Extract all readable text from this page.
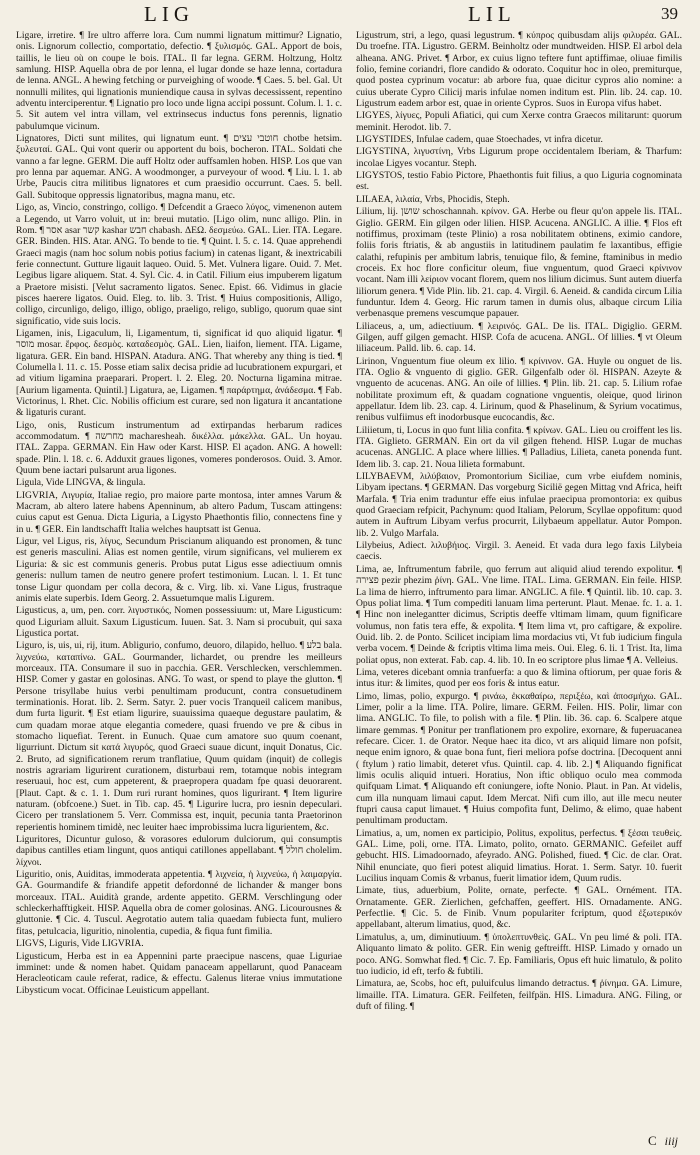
LIG	LIL	39

Ligare, irretire. ¶ Ire ultro afferre lora. Cum nummi lignatum mittimur? Lignatio, onis. Lignorum collectio, comportatio, defectio. ¶ ξυλισμός. GAL. Apport de bois, taillis, le lieu où on coupe le bois. ITAL. Il far legna. GERM. Holtzung, Holtz samlung. HISP. Aquella obra de por lenna, el lugar donde se haze lenna, cortadura de lenna. ANGL. A hewing fetching or purveighing of woode. ¶ Caes. 5. bel. Gal. Ut nonnulli milites, qui lignationis muniendique causa in sylvas decessissent, repentino adventu interciperentur. ¶ Lignatio pro loco unde ligna accipi possunt. Colum. l. 1. c. 5. Sit autem vel intra villam, vel extrinsecus inductus fons perennis, lignatio pabulumque vicinum.

Lignatores, Dicti sunt milites, qui lignatum eunt. ¶ חוטבי עצים chotbe hetsim. ξυλευταί. GAL. Qui vont querir ou apportent du bois, bocheron. ITAL. Soldati che vanno a far legne. GERM. Die auff Holtz oder auffsamlen hoben. HISP. Los que van pro lenna par aquemar. ANG. A woodmonger, a purveyour of wood. ¶ Liu. l. 1. ab Urbe, Paucis citra militibus lignatores et cum praesidio occurrunt. Caes. 5. bell. Gall. Subitoque oppressis lignatoribus, magna manu, etc.

Ligo, as, Vincio, constringo, colligo. ¶ Defcendit a Graeco λύγος, vimenenon autem a Legendo, ut Varro voluit, ut in: breui mutatio. [Ligo olim, nunc alligo. Plin. in Rom. ¶ אסר asar קשר kashar חבש chabash. ΔΕΩ. δεσμεύω. GAL. Lier. ITA. Legare. GER. Binden. HIS. Atar. ANG. To bende to tie. ¶ Quint. l. 5. c. 14. Quae apprehendi Graeci magis (nam hoc solum nobis potius facium) in catenas ligant, & inextricabili ferie connectunt. Gutture ligauit laqueo. Ouid. 5. Met. Vulnera ligare. Ouid. 7. Met. Legibus ligare aliquem. Stat. 4. Syl. Cic. 4. in Catil. Filium eius impuberem ligatum a Praetore misisti. [Velut sacramento ligatos. Senec. Epist. 66. Vidimus in glacie pisces haerere ligatos. Ouid. Eleg. to. lib. 3. Trist. ¶ Huius compositionis, Alligo, colligo, circunligo, deligo, illigo, obligo, praeligo, religo, subligo, quorum quae sint significatio, vide suis locis.

Ligamen, inis, Ligaculum, li, Ligamentum, ti, significat id quo aliquid ligatur. ¶ מוסר mosar. ἔρφος. δεσμὸς. καταδεσμὸς. GAL. Lien, liaifon, liement. ITA. Ligame, ligatura. GER. Ein band. HISPAN. Atadura. ANG. That whereby any thing is tied. ¶ Columella l. 11. c. 15. Posse etiam salix decisa pridie ad lucubrationem expurgari, et ad vitium ligamina praeparari. Propert. l. 2. Eleg. 20. Nocturna ligamina mitrae. [Aurium ligamenta. Quintil.] Ligatura, ae, Ligamen. ¶ παράρτημα, ἀνάδεσμα. ¶ Fab. Victorinus, l. Rhet. Cic. Nobilis officium est curare, sed non ligatura it ancantatione & ligaturis curant.

Ligo, onis, Rusticum instrumentum ad extirpandas herbarum radices accommodatum. ¶ מחרשה macharesheah. δικέλλα. μάκελλα. GAL. Un hoyau. ITAL. Zappa. GERMAN. Ein Haw oder Karst. HISP. El açadon. ANG. A howell: spade. Plin. l. 18. c. 6. Adduxit graues ligones, vomeres ponderosos. Ouid. 3. Amor. Quum bene iactari pulsarunt arua ligones.

Ligula, Vide LINGVA, & lingula.

LIGVRIA, Λιγυρία, Italiae regio, pro maiore parte montosa, inter amnes Varum & Macram, ab altero latere habens Apenninum, ab altero Padum, Tuscam attingens: cuius caput est Genua. Dicta Liguria, a Ligysto Phaethontis filio, connectens fine y in u. ¶ GER. Ein landtschafft Italia welches hauptsatt ist Genua.

Ligur, vel Ligus, ris, λίγυς, Secundum Priscianum aliquando est pronomen, & tunc est generis masculini. Alias est nomen gentile, virum significans, vel mulierem ex Liguria: & sic est communis generis. Probus putat Ligus esse adiectiuum omnis generis: nullum tamen de neutro genere profert testimonium. Lucan. l. 1. Et tunc tonse Ligur quondam per colla decora, & c. Virg. lib. xi. Vane Ligus, frustraque animis elate superbis. Idem Georg. 2. Assuetumque malis Ligurem.

Ligusticus, a, um, pen. corr. λιγυστικός, Nomen possessiuum: ut, Mare Ligusticum: quod Liguriam alluit. Saxum Ligusticum. Iuuen. Sat. 3. Nam si procubuit, qui saxa Ligustica portat.

Liguro, is, uis, ui, rij, itum. Abligurio, confumo, deuoro, dilapido, helluo. ¶ בלע bala. λιχνεύω, καταπίνω. GAL. Gourmander, lichardet, ou prendre les meilleurs morceaux. ITA. Consumare il suo in pacchia. GER. Verschlecken, verschlemmen. HISP. Comer y gastar en golosinas. ANG. To wast, or spend to playe the glutton. ¶ Persone trisyllabe huius verbi penultimam producunt, contra consuetudinem terminationis. Horat. lib. 2. Serm. Satyr. 2. puer vocis Tranqueil calicem manibus, dum furta ligurit. ¶ Est etiam ligurire, suauissima quaeque degustare paulatim, & cum quadam morae atque elegantia comedere, quasi fruendo ve pre & cibus in stomacho liquefiat. Terent. in Eunuch. Quae cum amatore suo quum coenant, ligurriunt. Dictum sit κατά λιγυρός, quod Graeci suaue dicunt, inquit Donatus, Cic. 2. Bruto, ad significationem rerum tranflatiue, Quum quidam (inquit) de collegis nostris agrariam ligurirent curationem, disturbaui rem, totamque nobis integram reseruaui, hoc est, cum appeterent, & praepropera quadam fpe quasi deuorarent. [Plaut. Capt. & c. 1. 1. Dum ruri rurant homines, quos ligurirant. ¶ Item ligurire naturam. (obfcoene.) Suet. in Tib. cap. 45. ¶ Ligurire lucra, pro iesnin depeculari. Cicero per translationem 5. Verr. Commissa est, inquit, pecunia tanta Praetorinon reperientis hominem timidè, nec leuiter haec improbissima lucra ligurientem, &c.

Liguritores, Dicuntur guloso, & vorasores edulorum dulciorum, qui consumptis dapibus cantilles etiam lingunt, quos antiqui catillones appellabant. ¶ חולל cholelim. λίχνοι.

Liguritio, onis, Auiditas, immoderata appetentia. ¶ λιχνεία, ἡ λιχνεύω, ἡ λαιμαργία. GA. Gourmandife & friandife appetit defordonné de lichander & manger bons morceaux. ITAL. Auidità grande, ardente appetito. GERM. Verschlingung oder schleckerhafftigkeit. HISP. Aquella obra de comer golosinas. ANG. Licourousnes & gluttonie. ¶ Cic. 4. Tuscul. Aegrotatio autem talia quaedam fubiecta funt, muliero fitas, petulcacia, liguritio, ninolentia, cupedia, & fiqua funt fimilia.

LIGVS, Liguris, Vide LIGVRIA.

Ligusticum, Herba est in ea Appennini parte praecipue nascens, quae Liguriae imminet: unde & nomen habet. Quidam panaceam appellarunt, quod Panaceam Heracleoticam caule referat, radice, & effectu. Galenus literae vnius immutatione Libysticum vocat. Officinae Leuisticum appellant.

Ligustrum, stri, a lego, quasi legustrum. ¶ κύπρος quibusdam alijs φιλυρέα. GAL. Du troefne. ITA. Ligustro. GERM. Beinholtz oder mundtweiden. HISP. El arbol dela alheana. ANG. Privet. ¶ Arbor, ex cuius ligno teftere funt aptiffimae, oliuae fimilis folio, femine coriandri, flore candido & odorato. Coquitur hoc in oleo, premiturque, quod postea cyprinum vocatur: ab arbore fua, quae dicitur cypros alio nomine: a cuius uberate Cypro Cilicij maris infulae nomen inditum est. Plin. lib. 24. cap. 10. Ligustrum eadem arbor est, quae in oriente Cypros. Suos in Europa vifus habet.

LIGYES, λίγυες, Populi Afiatici, qui cum Xerxe contra Graecos militarunt: quorum meminit. Herodot. lib. 7.

LIGYSTIDES, Infulae cadem, quae Stoechades, vt infra dicetur.

LIGYSTINA, λιγυστίνη, Vrbs Ligurum prope occidentalem Iberiam, & Tharfum: incolae Ligyes vocantur. Steph.

LIGYSTOS, testio Fabio Pictore, Phaethontis fuit filius, a quo Liguria cognominata est.

LILAEA, λιλαία, Vrbs, Phocidis, Steph.

Lilium, lij. שושן schoschannah. κρίνον. GA. Herbe ou fleur qu'on appele lis. ITAL. Giglio. GERM. Ein gilgen oder lilien. HISP. Acucena. ANGLIC. A illie. ¶ Flos eft notiffimus, proximam (teste Plinio) a rosa nobilitatem obtinens, eximio candore, foliis foris ftriatis, & ab angustiis in latitudinem paulatim fe laxantibus, effigie calathi, refupinis per ambitum labris, tenuique filo, & femine, ftaminibus in medio croceis. Ex hoc flore conficitur oleum, fiue vnguentum, quod Graeci κρίνινον vocant. Nam illi λείριον vocant florem, quem nos lilium dicimus. Sunt autem diuerfa liliorum genera. ¶ Vide Plin. lib. 21. cap. 4. Virgil. 6. Aeneid. & candida circum Lilia funduntur. Idem 4. Georg. Hic rarum tamen in dumis olus, albaque circum Lilia verbenasque premens vescumque papauer.

Liliaceus, a, um, adiectiuum. ¶ λειρινός. GAL. De lis. ITAL. Digiglio. GERM. Gilgen, auff gilgen gemacht. HISP. Cofa de acucena. ANGL. Of lillies. ¶ vt Oleum liliaceum. Palld. lib. 6. cap. 14.

Lirinon, Vnguentum fiue oleum ex lilio. ¶ κρίνινον. GA. Huyle ou onguet de lis. ITA. Oglio & vnguento di giglio. GER. Gilgenfalb oder öl. HISPAN. Azeyte & vnguento de acucenas. ANG. An oile of lillies. ¶ Plin. lib. 21. cap. 5. Lilium rofae nobilitate proximum eft, & quadam cognatione vnguentis, oleique, quod lirinon appellatur. Idem lib. 23. cap. 4. Lirinum, quod & Phaselinum, & Syrium vocatimus, renibus vulfiimus eft inodorbusque eucocandis, &c.

Liliietum, ti, Locus in quo funt lilia confita. ¶ κρίνων. GAL. Lieu ou croiffent les lis. ITA. Giglieto. GERMAN. Ein ort da vil gilgen ftehend. HISP. Lugar de muchas acucenas. ANGLIC. A place where lillies. ¶ Palladius, Lilieta, caneta ponenda funt. Idem lib. 3. cap. 21. Noua lilieta formabunt.

LILYBAEVM, λιλύβαιον, Promontorium Siciliae, cum vrbe eiufdem nominis, Libyam ipectans. ¶ GERMAN. Das vorgeburg Sicilië gegen Mittag vnd Africa, heift Marfala. ¶ Tria enim traduntur effe eius infulae praecipua promontoria: ex quibus quod Graeciam refpicit, Pachynum: quod Italiam, Pelorum, Scyllae oppofitum: quod autem in Auftrum Libyam verfus procurrit, Lilybaeum appellatur. Autor Pompon. lib. 2. Vulgo Marfala.

Lilybeius, Adiect. λιλυβήιος. Virgil. 3. Aeneid. Et vada dura lego faxis Lilybeia caecis.

Lima, ae, Inftrumentum fabrile, quo ferrum aut aliquid aliud terendo expolitur. ¶ פצירה pezir phezim ῥίνη. GAL. Vne lime. ITAL. Lima. GERMAN. Ein feile. HISP. La lima de hierro, inftrumento para limar. ANGLIC. A file. ¶ Quintil. lib. 10. cap. 3. Opus poliat lima. ¶ Tum compediti lanuam lima perterunt. Plaut. Menae. fc. 1. a. 1. ¶ Hinc non inelegantter dicimus, Scriptis deeffe vltimam limam, quum fignificare volumus, non fatis tera effe, & expolita. ¶ Item lima vt, pro caftigare, & expolire. Ouid. lib. 2. de Ponto. Scilicet incipiam lima mordacius vti, Vt fub iudicium fingula verba vocem. ¶ Deinde & fcriptis vltima lima meis. Oui. Eleg. 6. li. 1 Trist. Ita, lima poliat opus, non exterat. Fab. cap. 4. lib. 10. In eo scriptore plus limae ¶ A. Velleius.

Lima, veteres dicebant omnia tranfuerfa: a quo & limina oftiorum, per quae foris & intus itur: & limites, quod per eos foris & intus eatur.

Limo, limas, polio, expurgo. ¶ ρινάω, ἐκκαθαίρω, περιξέω, καὶ ἀποσμήχω. GAL. Limer, polir a la lime. ITA. Polire, limare. GERM. Feilen. HIS. Polir, limar con lima. ANGLIC. To file, to polish with a file. ¶ Plin. lib. 36. cap. 6. Scalpere atque limare gemmas. ¶ Ponitur per tranflationem pro expolire, exornare, & fuperuacanea refecare. Cicer. 1. de Orator. Neque haec ita dico, vt ars aliquid limare non pofsit, neque enim ignoro, & quae bona funt, fieri meliora pofse doctrina. [Decoquent anni ( ftylum ) ratio limabit, deteret vfus. Quintil. cap. 4. lib. 2.] ¶ Aliquando fignificat limis oculis aliquid intueri. Horatius, Non iftic obliquo oculo mea commoda quifquam Limat. ¶ Aliquando eft coniungere, iofte Nonio. Plaut. in Pan. At videlis, cum illa nunquam limaui caput. Idem Mercat. Nifi cum illo, aut ille mecu neuter ftupri causa caput limauet. ¶ Huius compofita funt, Delimo, & elimo, quae habent penultimam productam.

Limatius, a, um, nomen ex participio, Politus, expolitus, perfectus. ¶ ξέσαι τευθεὶς. GAL. Lime, poli, orne. ITA. Limato, polito, ornato. GERMANIC. Gefeilet auff gebucht. HIS. Limadoornado, afeyrado. ANG. Polished, fiued. ¶ Cic. de clar. Orat. Nihil enunciate, quo fieri potest aliquid limatius. Horat. 1. Serm. Satyr. 10. fuerit Lucilius inquam Comis & vrbanus, fuerit limatior idem, Quum rudis.

Limate, tius, aduerbium, Polite, ornate, perfecte. ¶ GAL. Ornément. ITA. Ornatamente. GER. Zierlichen, gefchaffen, geeffert. HIS. Ornadamente. ANG. Perfectlie. ¶ Cic. 5. de Finib. Vnum populariter fcriptum, quod ἐξωτερικόν appellabant, alterum limatius, quod, &c.

Limatulus, a, um, diminutiuum. ¶ ὑπολεπτυνθεὶς. GAL. Vn peu limé & poli. ITA. Aliquanto limato & polito. GER. Ein wenig geftreifft. HISP. Limado y ornado un poco. ANG. Somwhat fled. ¶ Cic. 7. Ep. Familiaris, Opus eft huic limatulo, & polito tuo iudicio, id eft, terfo & fubtili.

Limatura, ae, Scobs, hoc eft, puluifculus limando detractus. ¶ ῥίνημα. GA. Limure, limaille. ITA. Limatura. GER. Feilfeten, feilfpän. HIS. Limadura. ANG. Filing, or duft of filing. ¶

C iiij
